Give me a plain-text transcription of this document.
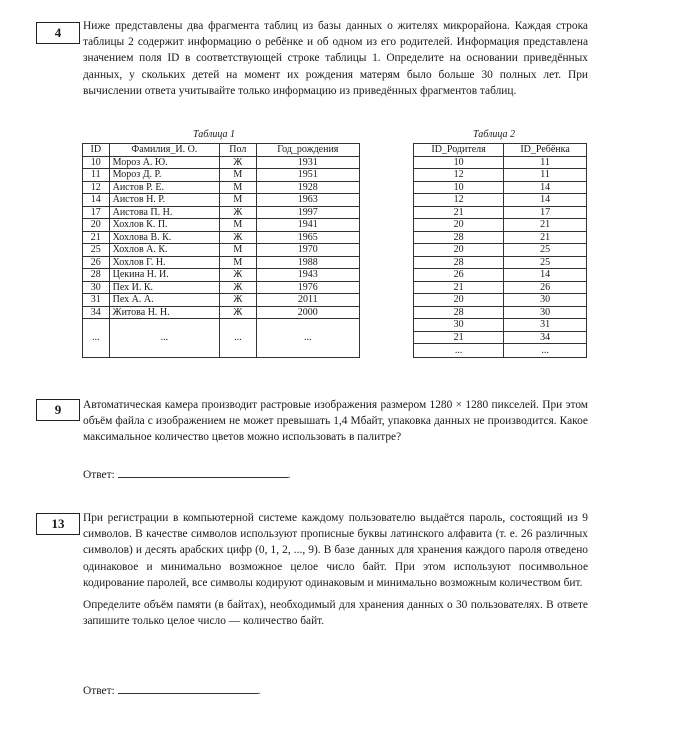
4	Ниже представлены два фрагмента таблиц из базы данных о жителях микрорайона. Каждая строка таблицы 2 содержит информацию о ребёнке и об одном из его родителей. Информация представлена значением поля ID в соответствующей строке таблицы 1. Определите на основании приведённых данных, у скольких детей на момент их рождения матерям было больше 30 полных лет. При вычислении ответа учитывайте только информацию из приведённых фрагментов таблиц.

Таблица 1
ID	Фамилия_И. О.	Пол	Год_рождения
10	Мороз А. Ю.	Ж	1931
11	Мороз Д. Р.	М	1951
12	Аистов Р. Е.	М	1928
14	Аистов Н. Р.	М	1963
17	Аистова П. Н.	Ж	1997
20	Хохлов К. П.	М	1941
21	Хохлова В. К.	Ж	1965
25	Хохлов А. К.	М	1970
26	Хохлов Г. Н.	М	1988
28	Цекина Н. И.	Ж	1943
30	Пех И. К.	Ж	1976
31	Пех А. А.	Ж	2011
34	Житова Н. Н.	Ж	2000
...	...	...	...
Таблица 2
ID_Родителя	ID_Ребёнка
10	11
12	11
10	14
12	14
21	17
20	21
28	21
20	25
28	25
26	14
21	26
20	30
28	30
30	31
21	34
...	...
9	Автоматическая камера производит растровые изображения размером 1280 × 1280 пикселей. При этом объём файла с изображением не может превышать 1,4 Мбайт, упаковка данных не производится. Какое максимальное количество цветов можно использовать в палитре?

Ответ:	.
13	При регистрации в компьютерной системе каждому пользователю выдаётся пароль, состоящий из 9 символов. В качестве символов используют прописные буквы латинского алфавита (т. е. 26 различных символов) и десять арабских цифр (0, 1, 2, ..., 9). В базе данных для хранения каждого пароля отведено одинаковое и минимально возможное целое число байт. При этом используют посимвольное кодирование паролей, все символы кодируют одинаковым и минимально возможным количеством бит.

Определите объём памяти (в байтах), необходимый для хранения данных о 30 пользователях. В ответе запишите только целое число — количество байт.

Ответ:	.
